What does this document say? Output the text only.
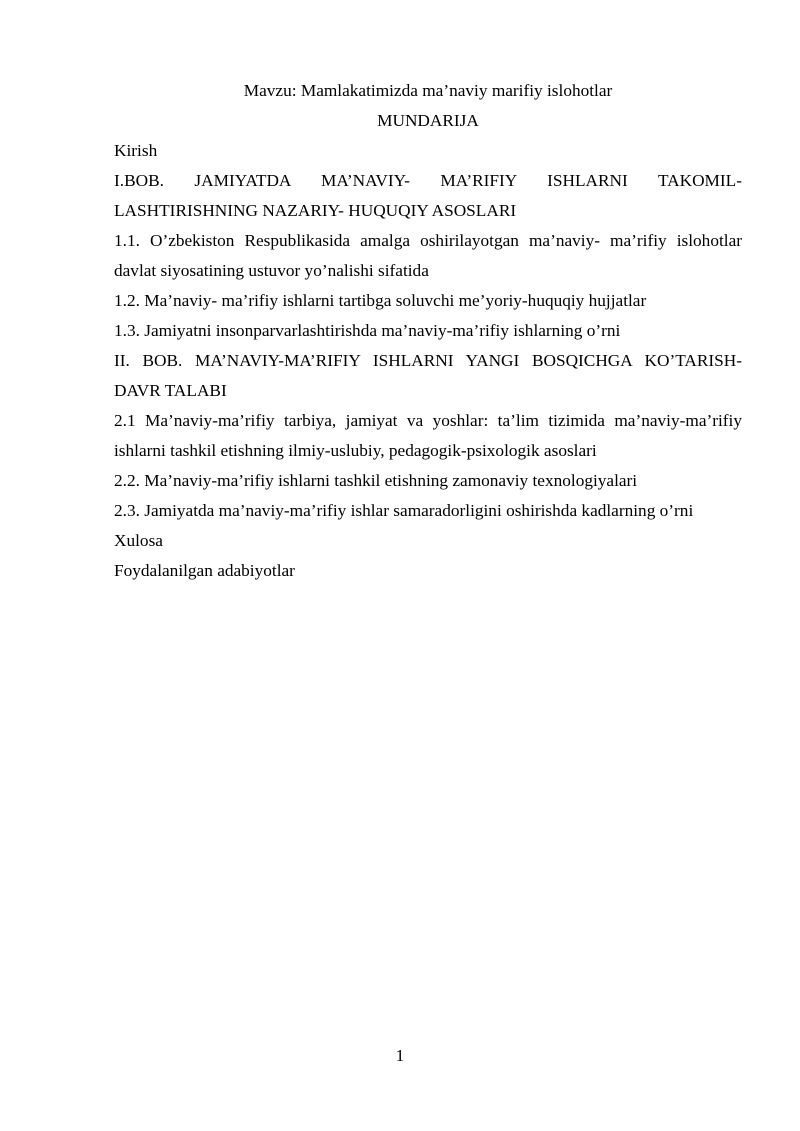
Mavzu: Mamlakatimizda ma’naviy marifiy islohotlar

MUNDARIJA

Kirish

I.BOB. JAMIYATDA MA’NAVIY- MA’RIFIY ISHLARNI TAKOMIL-LASHTIRISHNING NAZARIY- HUQUQIY ASOSLARI

1.1. O’zbekiston Respublikasida amalga oshirilayotgan ma’naviy- ma’rifiy islohotlar davlat siyosatining ustuvor yo’nalishi sifatida

1.2. Ma’naviy- ma’rifiy ishlarni tartibga soluvchi me’yoriy-huquqiy hujjatlar

1.3. Jamiyatni insonparvarlashtirishda ma’naviy-ma’rifiy ishlarning o’rni

II. BOB. MA’NAVIY-MA’RIFIY ISHLARNI YANGI BOSQICHGA KO’TARISH- DAVR TALABI

2.1 Ma’naviy-ma’rifiy tarbiya, jamiyat va yoshlar: ta’lim tizimida ma’naviy-ma’rifiy ishlarni tashkil etishning ilmiy-uslubiy, pedagogik-psixologik asoslari

2.2. Ma’naviy-ma’rifiy ishlarni tashkil etishning zamonaviy texnologiyalari

2.3. Jamiyatda ma’naviy-ma’rifiy ishlar samaradorligini oshirishda kadlarning o’rni

Xulosa

Foydalanilgan adabiyotlar

1
